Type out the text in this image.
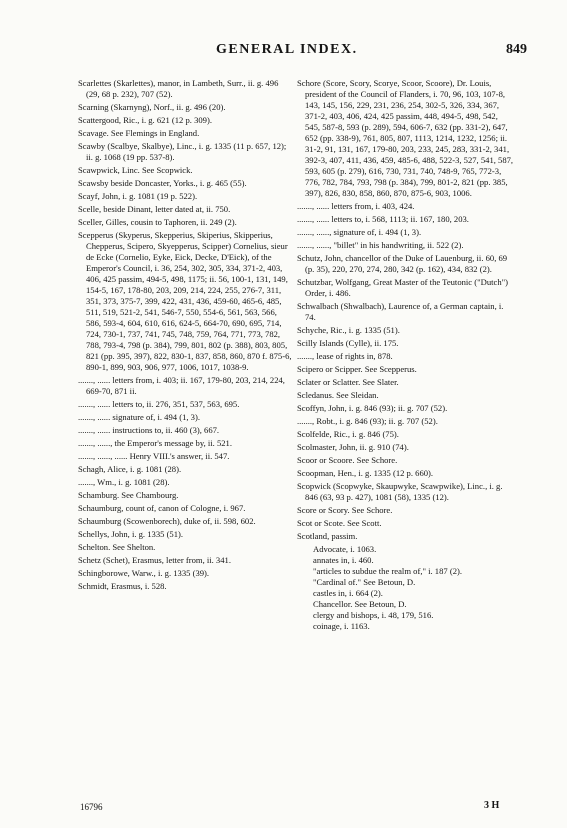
GENERAL INDEX.	849
Scarlettes (Skarlettes), manor, in Lambeth, Surr., ii. g. 496 (29, 68 p. 232), 707 (52).
Scarning (Skarnyng), Norf., ii. g. 496 (20).
Scattergood, Ric., i. g. 621 (12 p. 309).
Scavage. See Flemings in England.
Scawby (Scalbye, Skalbye), Linc., i. g. 1335 (11 p. 657, 12); ii. g. 1068 (19 pp. 537-8).
Scawpwick, Linc. See Scopwick.
Scawsby beside Doncaster, Yorks., i. g. 465 (55).
Scayf, John, i. g. 1081 (19 p. 522).
Scelle, beside Dinant, letter dated at, ii. 750.
Sceller, Gilles, cousin to Taphoren, ii. 249 (2).
Scepperus (Skyperus, Skepperius, Skiperius, Skipperius, Chepperus, Scipero, Skyepperus, Scipper) Cornelius, sieur de Ecke (Cornelio, Eyke, Eick, Decke, D'Eick), of the Emperor's Council, i. 36, 254, 302, 305, 334, 371-2, 403, 406, 425 passim, 494-5, 498, 1175; ii. 56, 100-1, 131, 149, 154-5, 167, 178-80, 203, 209, 214, 224, 255, 276-7, 311, 351, 373, 375-7, 399, 422, 431, 436, 459-60, 465-6, 485, 511, 519, 521-2, 541, 546-7, 550, 554-6, 561, 563, 566, 586, 593-4, 604, 610, 616, 624-5, 664-70, 690, 695, 714, 724, 730-1, 737, 741, 745, 748, 759, 764, 771, 773, 782, 788, 793-4, 798 (p. 384), 799, 801, 802 (p. 388), 803, 805, 821 (pp. 395, 397), 822, 830-1, 837, 858, 860, 870 f. 875-6, 890-1, 899, 903, 906, 977, 1006, 1017, 1038-9.
......., ...... letters from, i. 403; ii. 167, 179-80, 203, 214, 224, 669-70, 871 ii.
......., ...... letters to, ii. 276, 351, 537, 563, 695.
......., ...... signature of, i. 494 (1, 3).
......., ...... instructions to, ii. 460 (3), 667.
......., ......, the Emperor's message by, ii. 521.
......., ......, ...... Henry VIII.'s answer, ii. 547.
Schagh, Alice, i. g. 1081 (28).
......., Wm., i. g. 1081 (28).
Schamburg. See Chambourg.
Schaumburg, count of, canon of Cologne, i. 967.
Schaumburg (Scowenborech), duke of, ii. 598, 602.
Schellys, John, i. g. 1335 (51).
Schelton. See Shelton.
Schetz (Schet), Erasmus, letter from, ii. 341.
Schingborowe, Warw., i. g. 1335 (39).
Schmidt, Erasmus, i. 528.
Schore (Score, Scory, Scorye, Scoor, Scoore), Dr. Louis, president of the Council of Flanders, i. 70, 96, 103, 107-8, 143, 145, 156, 229, 231, 236, 254, 302-5, 326, 334, 367, 371-2, 403, 406, 424, 425 passim, 448, 494-5, 498, 542, 545, 587-8, 593 (p. 289), 594, 606-7, 632 (pp. 331-2), 647, 652 (pp. 338-9), 761, 805, 807, 1113, 1214, 1232, 1256; ii. 31-2, 91, 131, 167, 179-80, 203, 233, 245, 283, 331-2, 341, 392-3, 407, 411, 436, 459, 485-6, 488, 522-3, 527, 541, 587, 593, 605 (p. 279), 616, 730, 731, 740, 748-9, 765, 772-3, 776, 782, 784, 793, 798 (p. 384), 799, 801-2, 821 (pp. 385, 397), 826, 830, 858, 860, 870, 875-6, 903, 1006.
......., ...... letters from, i. 403, 424.
......., ...... letters to, i. 568, 1113; ii. 167, 180, 203.
......., ......, signature of, i. 494 (1, 3).
......., ......, "billet" in his handwriting, ii. 522 (2).
Schutz, John, chancellor of the Duke of Lauenburg, ii. 60, 69 (p. 35), 220, 270, 274, 280, 342 (p. 162), 434, 832 (2).
Schutzbar, Wolfgang, Great Master of the Teutonic ("Dutch") Order, i. 486.
Schwalbach (Shwalbach), Laurence of, a German captain, i. 74.
Schyche, Ric., i. g. 1335 (51).
Scilly Islands (Cylle), ii. 175.
......., lease of rights in, 878.
Scipero or Scipper. See Scepperus.
Sclater or Sclatter. See Slater.
Scledanus. See Sleidan.
Scoffyn, John, i. g. 846 (93); ii. g. 707 (52).
......., Robt., i. g. 846 (93); ii. g. 707 (52).
Scolfelde, Ric., i. g. 846 (75).
Scolmaster, John, ii. g. 910 (74).
Scoor or Scoore. See Schore.
Scoopman, Hen., i. g. 1335 (12 p. 660).
Scopwick (Scopwyke, Skaupwyke, Scawpwike), Linc., i. g. 846 (63, 93 p. 427), 1081 (58), 1335 (12).
Score or Scory. See Schore.
Scot or Scote. See Scott.
Scotland, passim.
Advocate, i. 1063.
annates in, i. 460.
"articles to subdue the realm of," i. 187 (2).
"Cardinal of." See Betoun, D.
castles in, i. 664 (2).
Chancellor. See Betoun, D.
clergy and bishops, i. 48, 179, 516.
coinage, i. 1163.
16796	3 H
